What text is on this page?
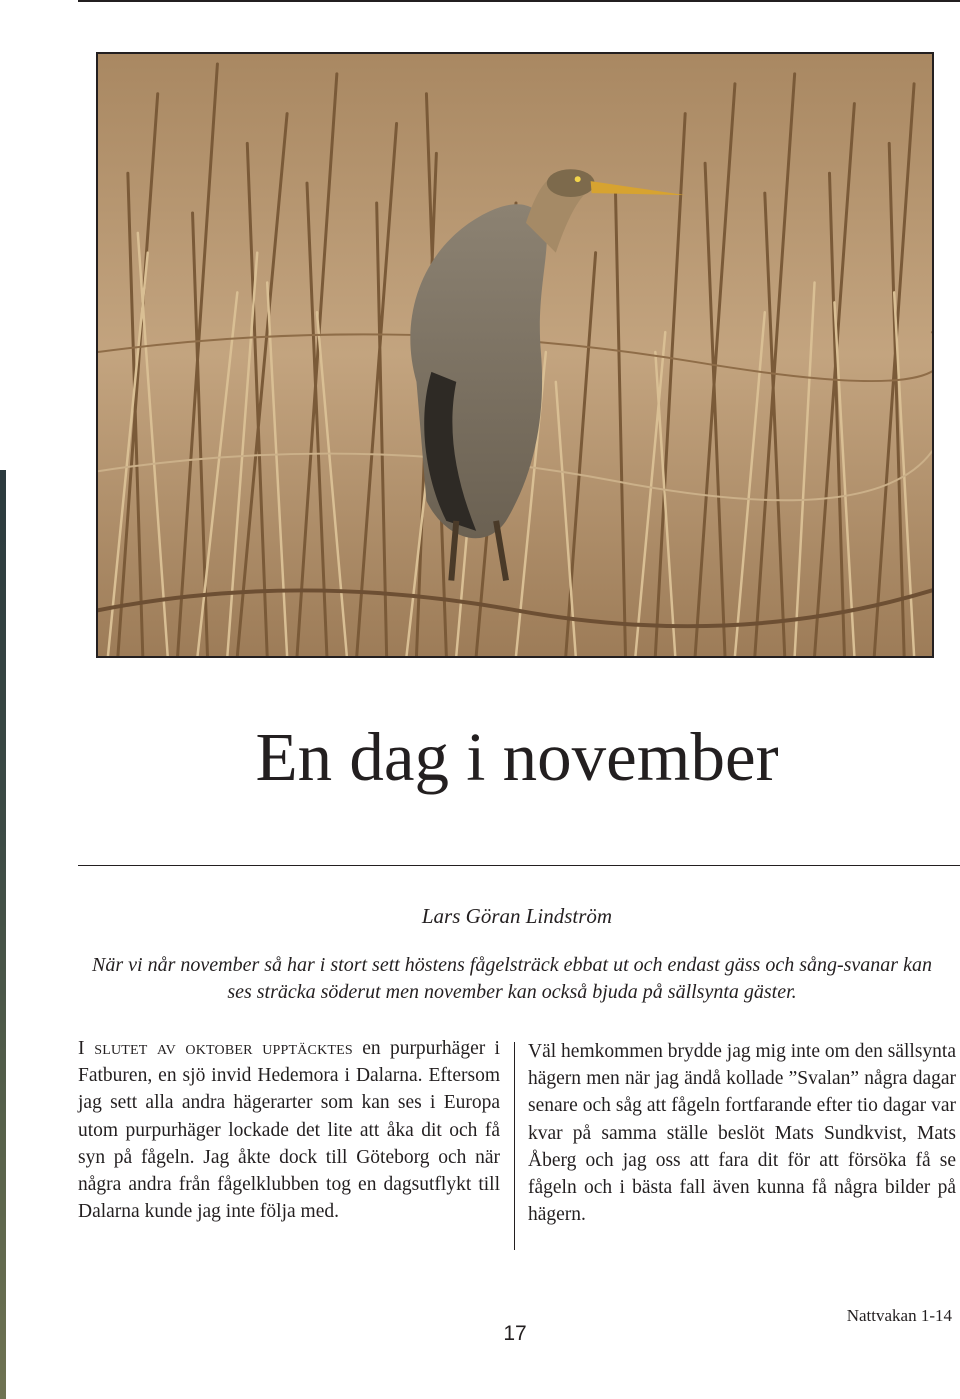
En dag i november
Lars Göran Lindström

När vi når november så har i stort sett höstens fågelsträck ebbat ut och endast gäss och sång-svanar kan ses sträcka söderut men november kan också bjuda på sällsynta gäster.

I slutet av oktober upptäcktes en purpurhäger i Fatburen, en sjö invid Hedemora i Dalarna. Eftersom jag sett alla andra hägerarter som kan ses i Europa utom purpurhäger lockade det lite att åka dit och få syn på fågeln. Jag åkte dock till Göteborg och när några andra från fågelklubben tog en dagsutflykt till Dalarna kunde jag inte följa med.

Väl hemkommen brydde jag mig inte om den sällsynta hägern men när jag ändå kollade ”Svalan” några dagar senare och såg att fågeln fortfarande efter tio dagar var kvar på samma ställe beslöt Mats Sundkvist, Mats Åberg och jag oss att fara dit för att försöka få se fågeln och i bästa fall även kunna få några bilder på hägern.

17
Nattvakan 1-14
